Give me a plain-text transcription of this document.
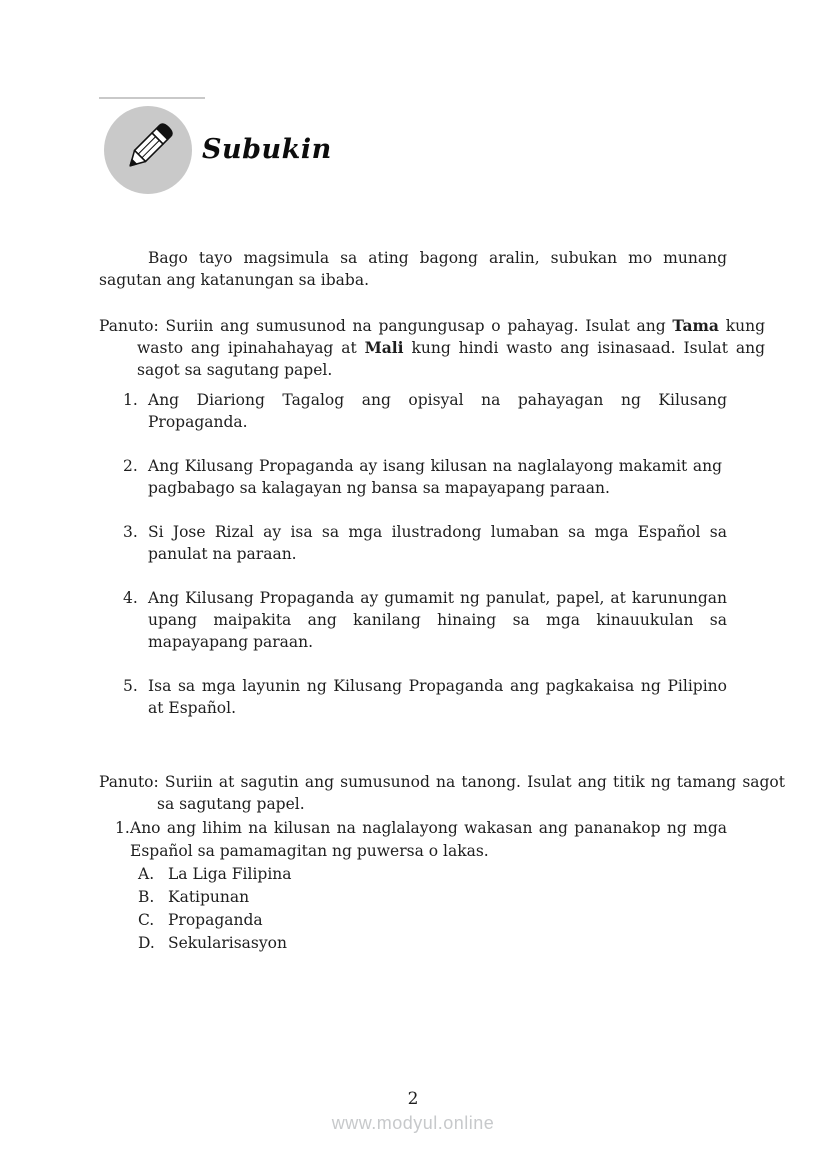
Subukin

Bago tayo magsimula sa ating bagong aralin, subukan mo munang sagutan ang katanungan sa ibaba.

Panuto: Suriin ang sumusunod na pangungusap o pahayag. Isulat ang Tama kung wasto ang ipinahahayag at Mali kung hindi wasto ang isinasaad. Isulat ang sagot sa sagutang papel.

1. Ang Diariong Tagalog ang opisyal na pahayagan ng Kilusang Propaganda.
2. Ang Kilusang Propaganda ay isang kilusan na naglalayong makamit ang  pagbabago sa kalagayan ng bansa sa mapayapang paraan.
3. Si Jose Rizal ay isa sa mga ilustradong lumaban sa mga Español sa panulat na paraan.
4. Ang Kilusang Propaganda ay gumamit ng panulat, papel, at karunungan upang maipakita ang kanilang hinaing sa mga kinauukulan sa mapayapang paraan.
5. Isa sa mga layunin ng Kilusang Propaganda ang pagkakaisa ng Pilipino at Español.

Panuto: Suriin at sagutin ang sumusunod na tanong. Isulat ang titik ng tamang sagot sa sagutang papel.

1. Ano ang lihim na kilusan na naglalayong wakasan ang pananakop ng mga Español sa pamamagitan ng puwersa o lakas.
A. La Liga Filipina
B. Katipunan
C. Propaganda
D. Sekularisasyon
2
www.modyul.online
